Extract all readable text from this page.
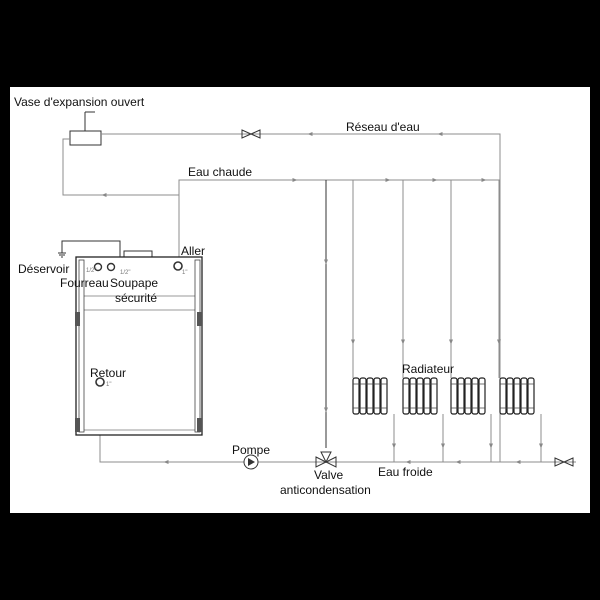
Vase d'expansion ouvert
Réseau d'eau
Eau chaude
Radiateur
Eau froide
Valve
anticondensation
Pompe
1/2"	1/2"	1"
1"
Déservoir
Fourreau Soupape
sécurité
Aller
Retour
